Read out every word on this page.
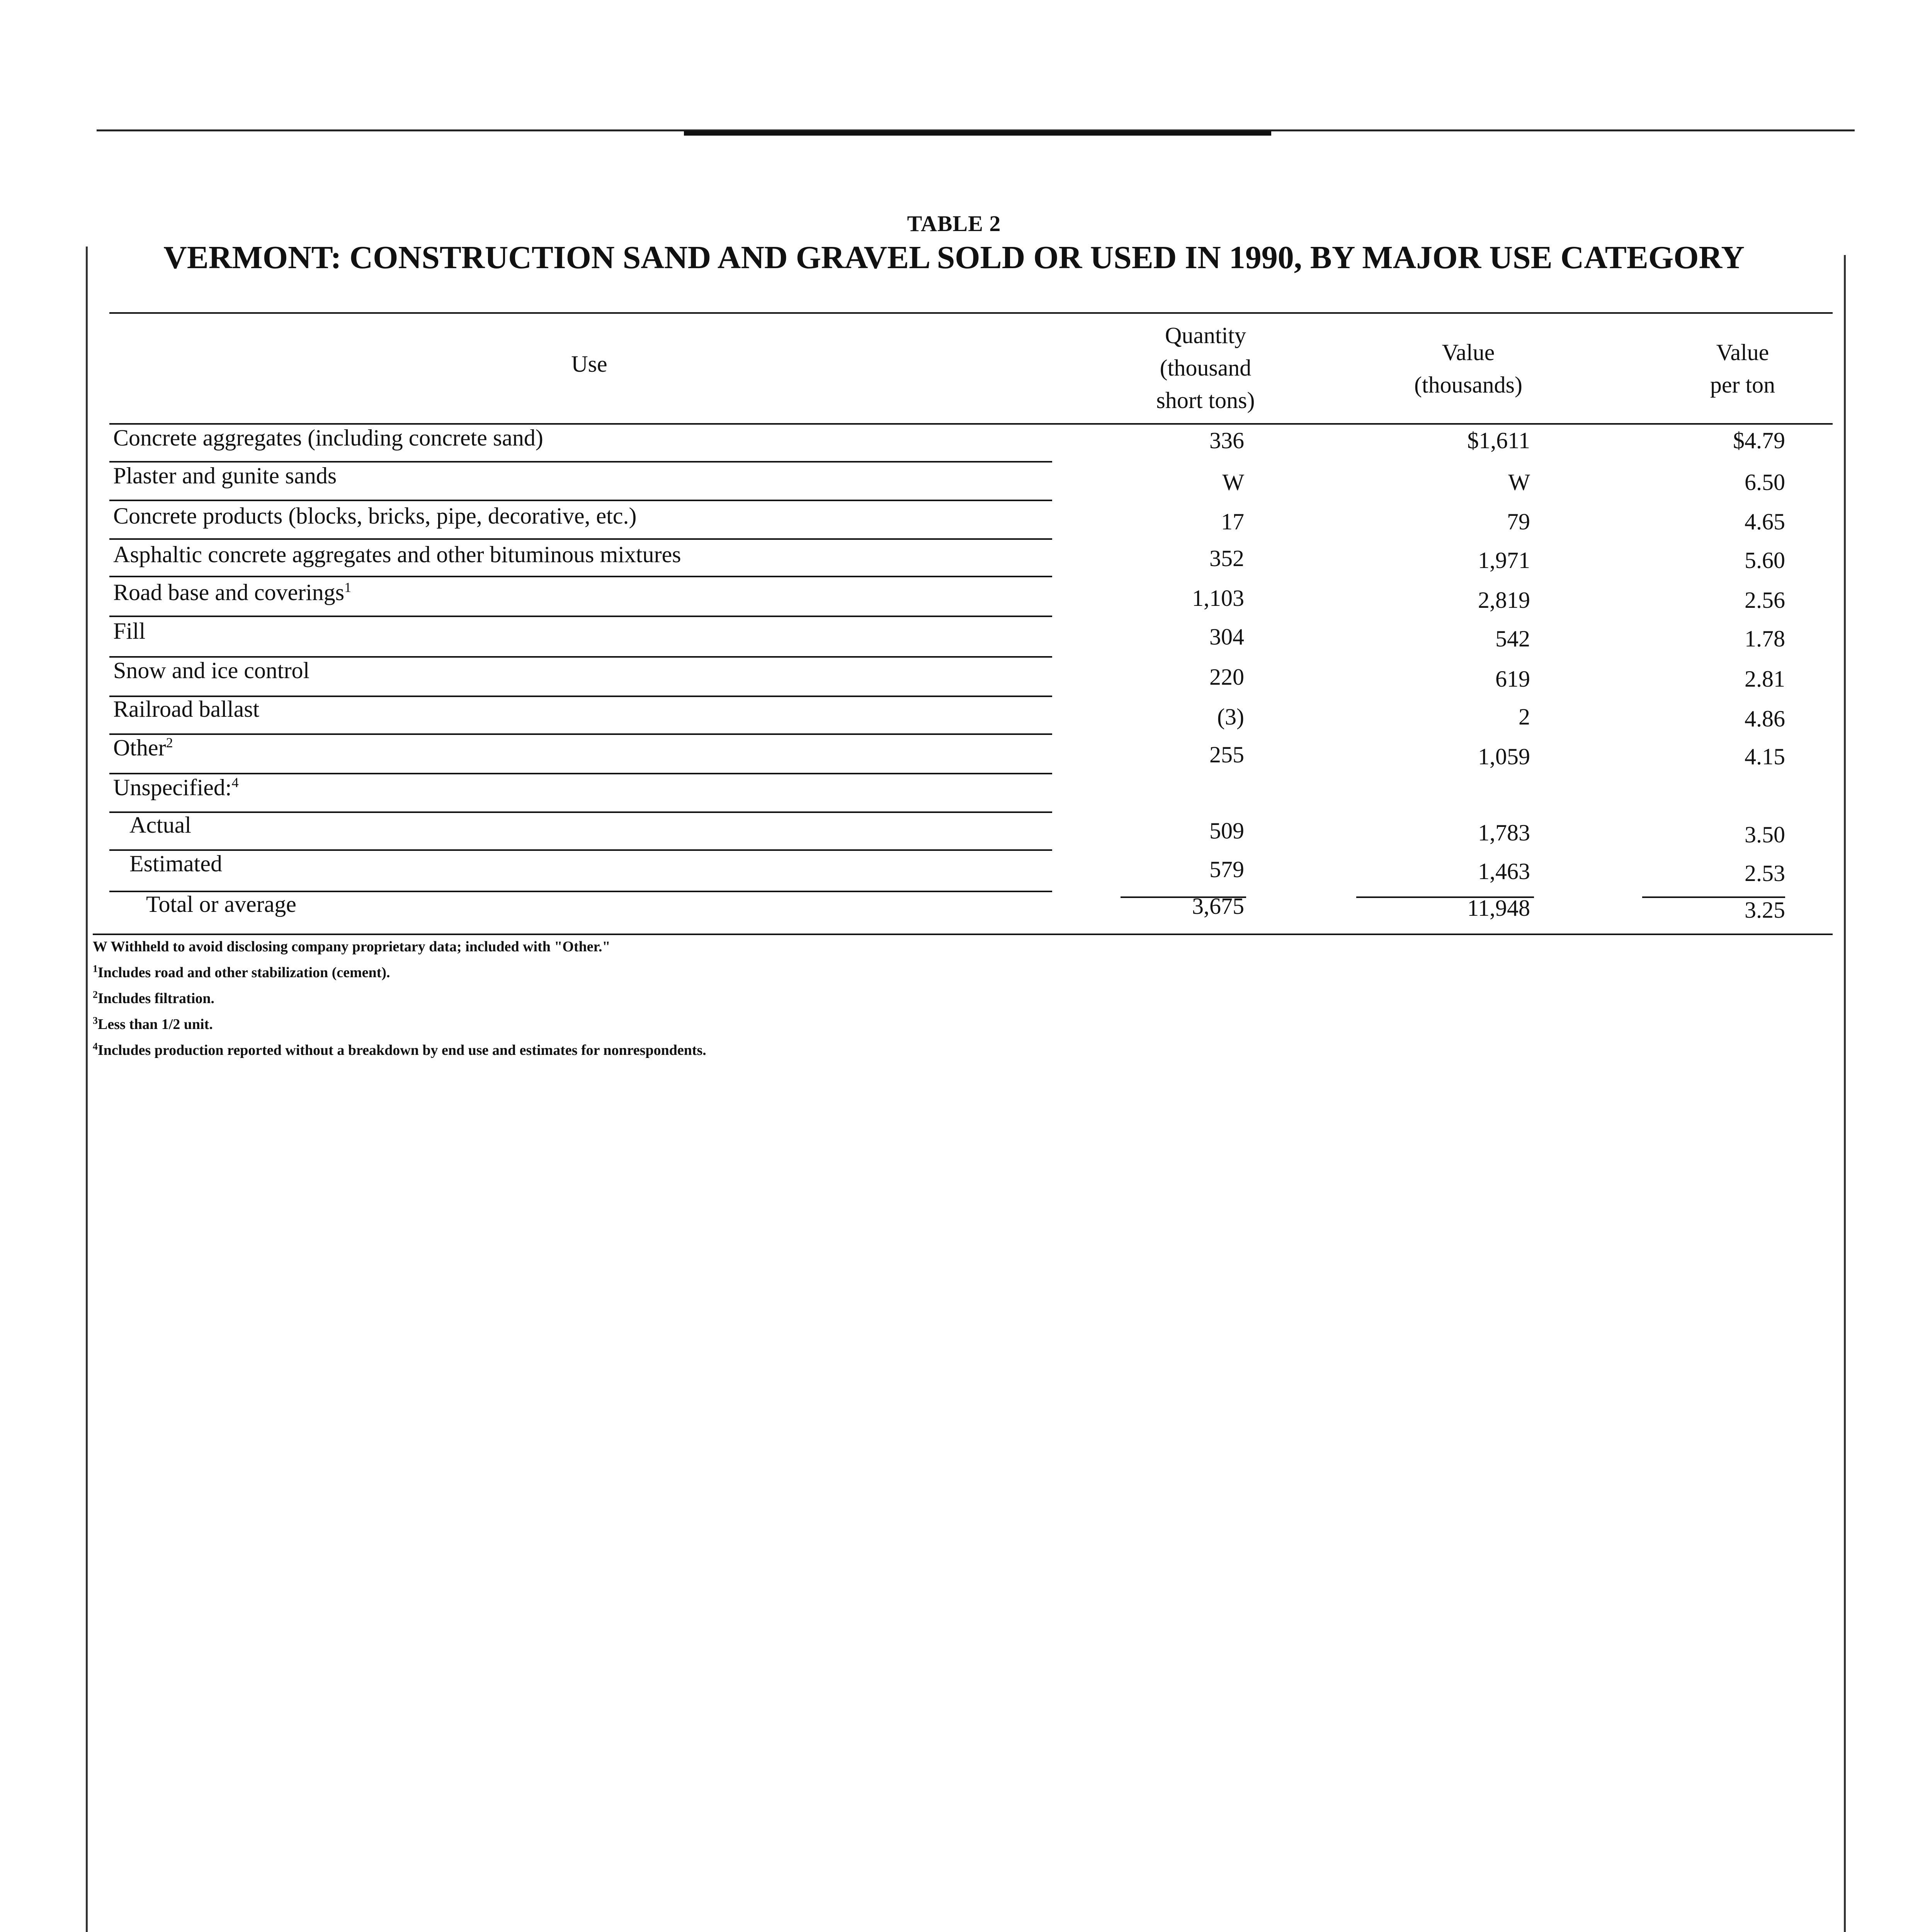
TABLE 2
VERMONT: CONSTRUCTION SAND AND GRAVEL SOLD OR USED IN 1990, BY MAJOR USE CATEGORY
Use
Quantity
(thousand
short tons)
Value
(thousands)
Value
per ton
Concrete aggregates (including concrete sand)	336	$1,611	$4.79
Plaster and gunite sands	W	W	6.50
Concrete products (blocks, bricks, pipe, decorative, etc.)	17	79	4.65
Asphaltic concrete aggregates and other bituminous mixtures	352	1,971	5.60
Road base and coverings$^1$	1,103	2,819	2.56
Fill	304	542	1.78
Snow and ice control	220	619	2.81
Railroad ballast	(3)	2	4.86
Other$^2$	255	1,059	4.15
Unspecified:$^4$
Actual	509	1,783	3.50
Estimated	579	1,463	2.53
Total or average	3,675	11,948	3.25
W Withheld to avoid disclosing company proprietary data; included with "Other."
$^1$Includes road and other stabilization (cement).
$^2$Includes filtration.
$^3$Less than 1/2 unit.
$^4$Includes production reported without a breakdown by end use and estimates for nonrespondents.
